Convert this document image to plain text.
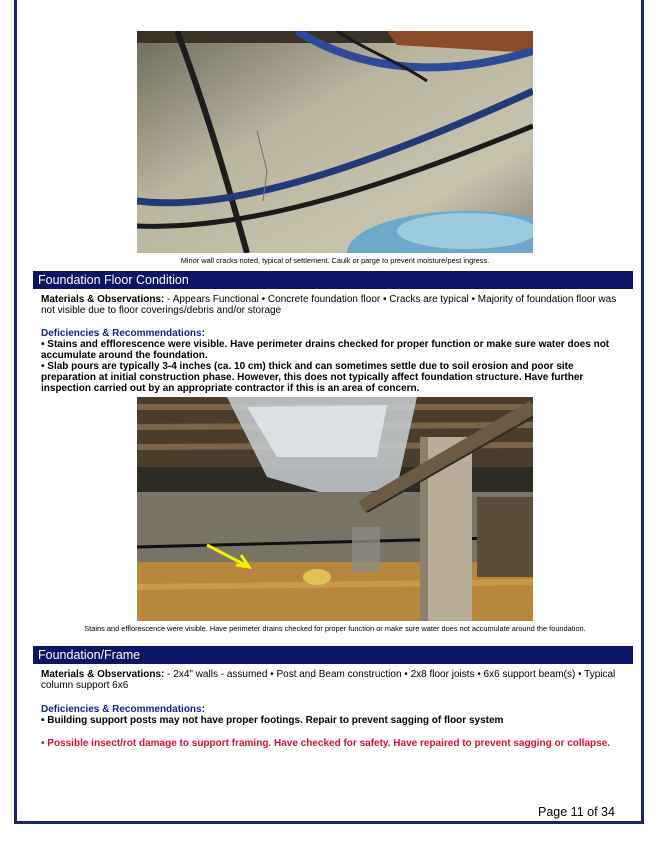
Minor wall cracks noted, typical of settlement. Caulk or parge to prevent moisture/pest ingress.
Foundation Floor Condition
Materials & Observations: - Appears Functional • Concrete foundation floor • Cracks are typical • Majority of foundation floor was not visible due to floor coverings/debris and/or storage
Deficiencies & Recommendations:
• Stains and efflorescence were visible. Have perimeter drains checked for proper function or make sure water does not accumulate around the foundation.
• Slab pours are typically 3-4 inches (ca. 10 cm) thick and can sometimes settle due to soil erosion and poor site preparation at initial construction phase. However, this does not typically affect foundation structure. Have further inspection carried out by an appropriate contractor if this is an area of concern.
Stains and efflorescence were visible. Have perimeter drains checked for proper function or make sure water does not accumulate around the foundation.
Foundation/Frame
Materials & Observations: - 2x4" walls - assumed • Post and Beam construction • 2x8 floor joists • 6x6 support beam(s) • Typical column support 6x6
Deficiencies & Recommendations:
• Building support posts may not have proper footings. Repair to prevent sagging of floor system
• Possible insect/rot damage to support framing. Have checked for safety. Have repaired to prevent sagging or collapse.
Page 11 of 34
